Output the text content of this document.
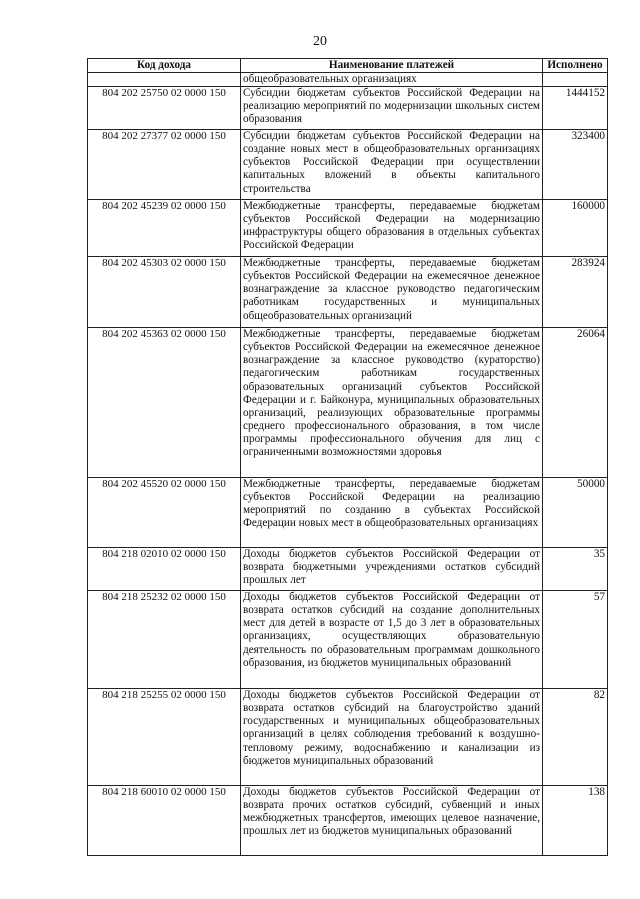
20
Код дохода	Наименование платежей	Исполнено
	общеобразовательных организациях	
804 202 25750 02 0000 150	Субсидии бюджетам субъектов Российской Федерации на реализацию мероприятий по модернизации школьных систем образования	1444152
804 202 27377 02 0000 150	Субсидии бюджетам субъектов Российской Федерации на создание новых мест в общеобразовательных организациях субъектов Российской Федерации при осуществлении капитальных вложений в объекты капитального строительства	323400
804 202 45239 02 0000 150	Межбюджетные трансферты, передаваемые бюджетам субъектов Российской Федерации на модернизацию инфраструктуры общего образования в отдельных субъектах Российской Федерации	160000
804 202 45303 02 0000 150	Межбюджетные трансферты, передаваемые бюджетам субъектов Российской Федерации на ежемесячное денежное вознаграждение за классное руководство педагогическим работникам государственных и муниципальных общеобразовательных организаций	283924
804 202 45363 02 0000 150	Межбюджетные трансферты, передаваемые бюджетам субъектов Российской Федерации на ежемесячное денежное вознаграждение за классное руководство (кураторство) педагогическим работникам государственных образовательных организаций субъектов Российской Федерации и г. Байконура, муниципальных образовательных организаций, реализующих образовательные программы среднего профессионального образования, в том числе программы профессионального обучения для лиц с ограниченными возможностями здоровья	26064
804 202 45520 02 0000 150	Межбюджетные трансферты, передаваемые бюджетам субъектов Российской Федерации на реализацию мероприятий по созданию в субъектах Российской Федерации новых мест в общеобразовательных организациях	50000
804 218 02010 02 0000 150	Доходы бюджетов субъектов Российской Федерации от возврата бюджетными учреждениями остатков субсидий прошлых лет	35
804 218 25232 02 0000 150	Доходы бюджетов субъектов Российской Федерации от возврата остатков субсидий на создание дополнительных мест для детей в возрасте от 1,5 до 3 лет в образовательных организациях, осуществляющих образовательную деятельность по образовательным программам дошкольного образования, из бюджетов муниципальных образований	57
804 218 25255 02 0000 150	Доходы бюджетов субъектов Российской Федерации от возврата остатков субсидий на благоустройство зданий государственных и муниципальных общеобразовательных организаций в целях соблюдения требований к воздушно-тепловому режиму, водоснабжению и канализации из бюджетов муниципальных образований	82
804 218 60010 02 0000 150	Доходы бюджетов субъектов Российской Федерации от возврата прочих остатков субсидий, субвенций и иных межбюджетных трансфертов, имеющих целевое назначение, прошлых лет из бюджетов муниципальных образований	138
